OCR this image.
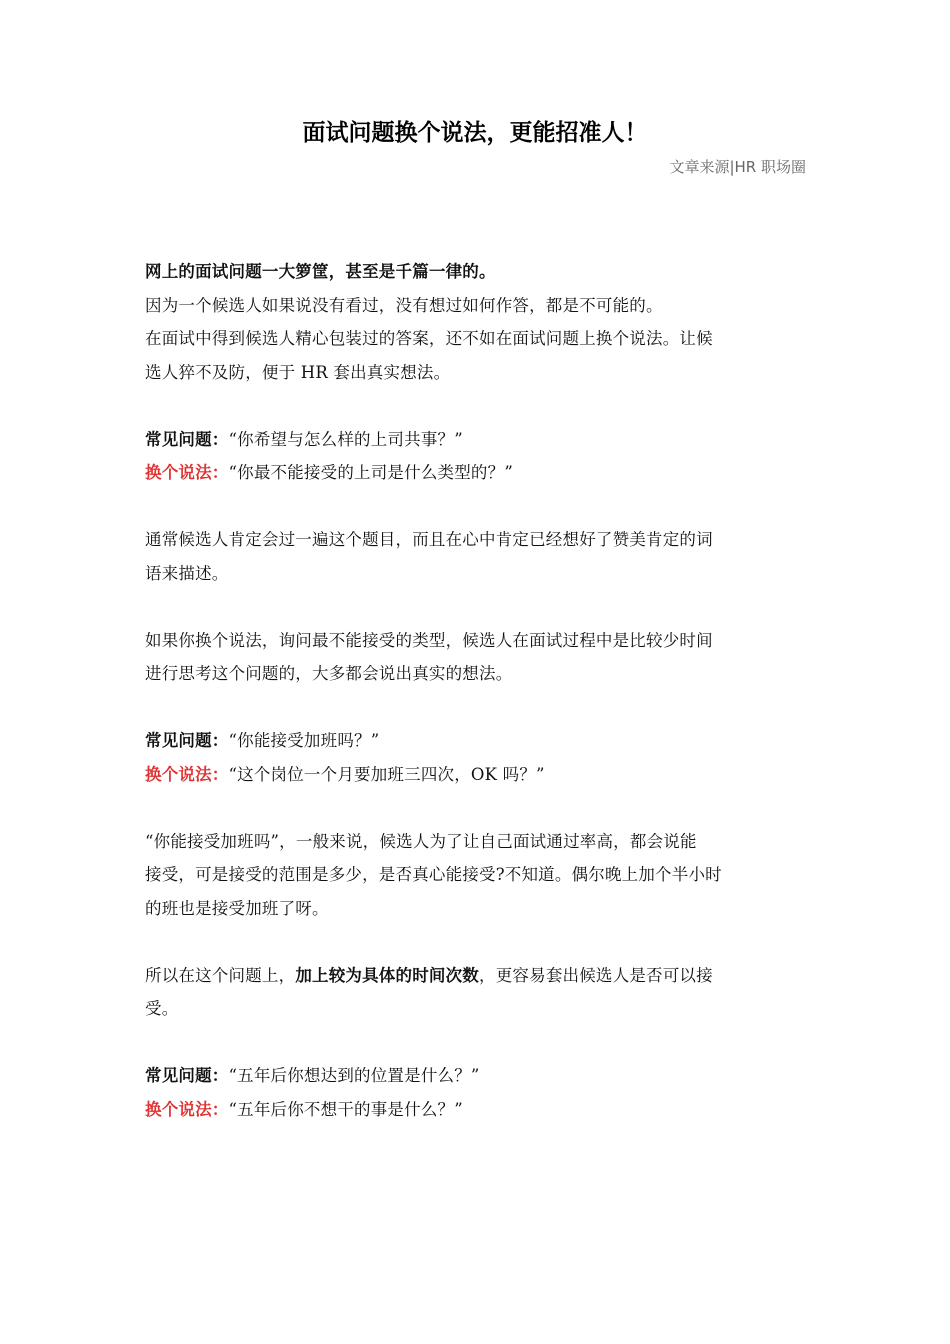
面试问题换个说法，更能招准人！
文章来源|HR 职场圈

网上的面试问题一大箩筐，甚至是千篇一律的。

因为一个候选人如果说没有看过，没有想过如何作答，都是不可能的。

在面试中得到候选人精心包装过的答案，还不如在面试问题上换个说法。让候

选人猝不及防，便于 HR 套出真实想法。

常见问题：“你希望与怎么样的上司共事？”

换个说法：“你最不能接受的上司是什么类型的？”

通常候选人肯定会过一遍这个题目，而且在心中肯定已经想好了赞美肯定的词

语来描述。

如果你换个说法，询问最不能接受的类型，候选人在面试过程中是比较少时间

进行思考这个问题的，大多都会说出真实的想法。

常见问题：“你能接受加班吗？”

换个说法：“这个岗位一个月要加班三四次，OK 吗？”

“你能接受加班吗”，一般来说，候选人为了让自己面试通过率高，都会说能

接受，可是接受的范围是多少，是否真心能接受?不知道。偶尔晚上加个半小时

的班也是接受加班了呀。

所以在这个问题上，加上较为具体的时间次数，更容易套出候选人是否可以接

受。

常见问题：“五年后你想达到的位置是什么？”

换个说法：“五年后你不想干的事是什么？”
